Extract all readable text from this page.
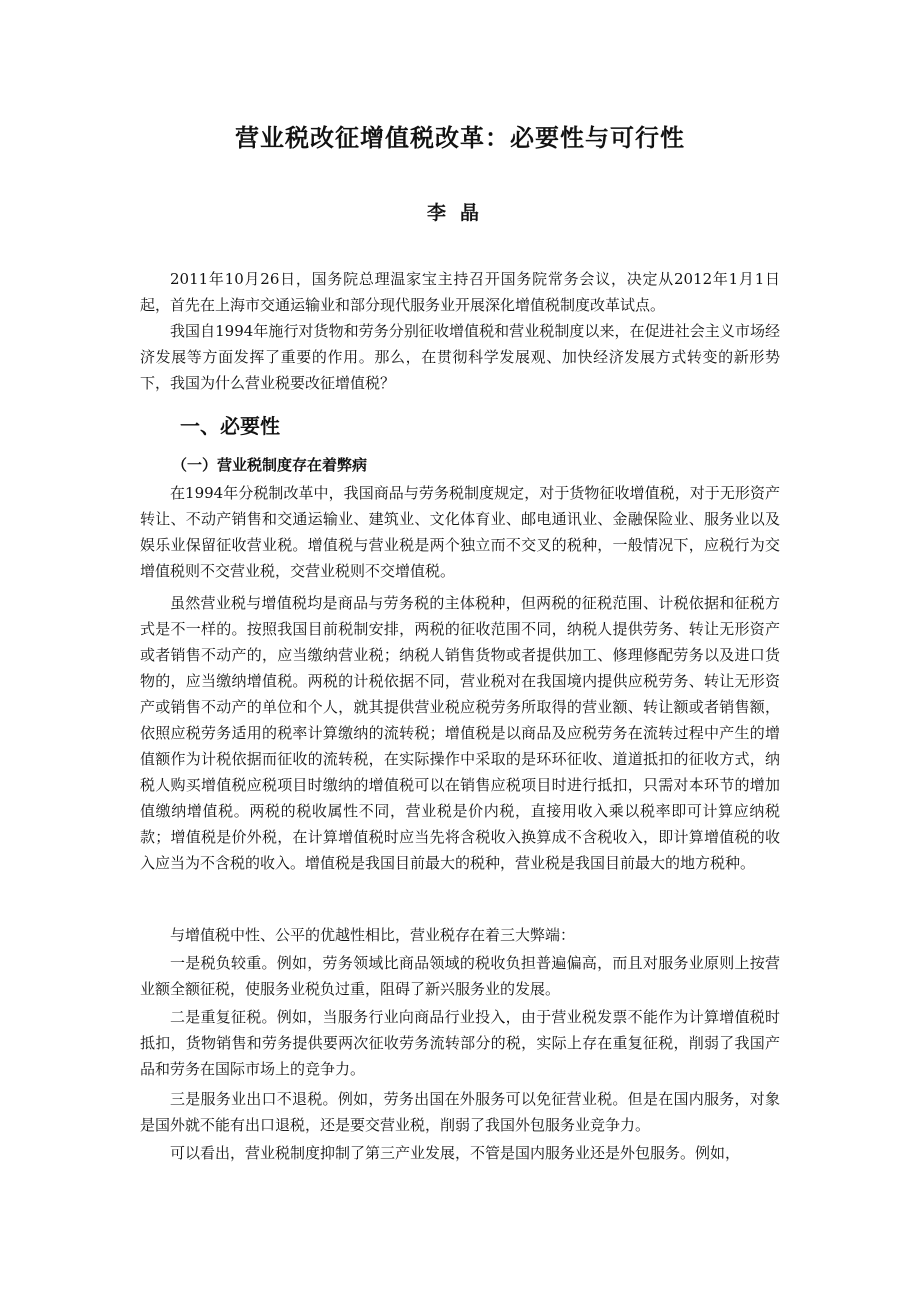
营业税改征增值税改革：必要性与可行性
李晶

2011年10月26日，国务院总理温家宝主持召开国务院常务会议，决定从2012年1月1日起，首先在上海市交通运输业和部分现代服务业开展深化增值税制度改革试点。

我国自1994年施行对货物和劳务分别征收增值税和营业税制度以来，在促进社会主义市场经济发展等方面发挥了重要的作用。那么，在贯彻科学发展观、加快经济发展方式转变的新形势下，我国为什么营业税要改征增值税？

一、必要性
（一）营业税制度存在着弊病

在1994年分税制改革中，我国商品与劳务税制度规定，对于货物征收增值税，对于无形资产转让、不动产销售和交通运输业、建筑业、文化体育业、邮电通讯业、金融保险业、服务业以及娱乐业保留征收营业税。增值税与营业税是两个独立而不交叉的税种，一般情况下，应税行为交增值税则不交营业税，交营业税则不交增值税。

虽然营业税与增值税均是商品与劳务税的主体税种，但两税的征税范围、计税依据和征税方式是不一样的。按照我国目前税制安排，两税的征收范围不同，纳税人提供劳务、转让无形资产或者销售不动产的，应当缴纳营业税；纳税人销售货物或者提供加工、修理修配劳务以及进口货物的，应当缴纳增值税。两税的计税依据不同，营业税对在我国境内提供应税劳务、转让无形资产或销售不动产的单位和个人，就其提供营业税应税劳务所取得的营业额、转让额或者销售额，依照应税劳务适用的税率计算缴纳的流转税；增值税是以商品及应税劳务在流转过程中产生的增值额作为计税依据而征收的流转税，在实际操作中采取的是环环征收、道道抵扣的征收方式，纳税人购买增值税应税项目时缴纳的增值税可以在销售应税项目时进行抵扣，只需对本环节的增加值缴纳增值税。两税的税收属性不同，营业税是价内税，直接用收入乘以税率即可计算应纳税款；增值税是价外税，在计算增值税时应当先将含税收入换算成不含税收入，即计算增值税的收入应当为不含税的收入。增值税是我国目前最大的税种，营业税是我国目前最大的地方税种。

与增值税中性、公平的优越性相比，营业税存在着三大弊端：

一是税负较重。例如，劳务领域比商品领域的税收负担普遍偏高，而且对服务业原则上按营业额全额征税，使服务业税负过重，阻碍了新兴服务业的发展。

二是重复征税。例如，当服务行业向商品行业投入，由于营业税发票不能作为计算增值税时抵扣，货物销售和劳务提供要两次征收劳务流转部分的税，实际上存在重复征税，削弱了我国产品和劳务在国际市场上的竞争力。

三是服务业出口不退税。例如，劳务出国在外服务可以免征营业税。但是在国内服务，对象是国外就不能有出口退税，还是要交营业税，削弱了我国外包服务业竞争力。

可以看出，营业税制度抑制了第三产业发展，不管是国内服务业还是外包服务。例如，
